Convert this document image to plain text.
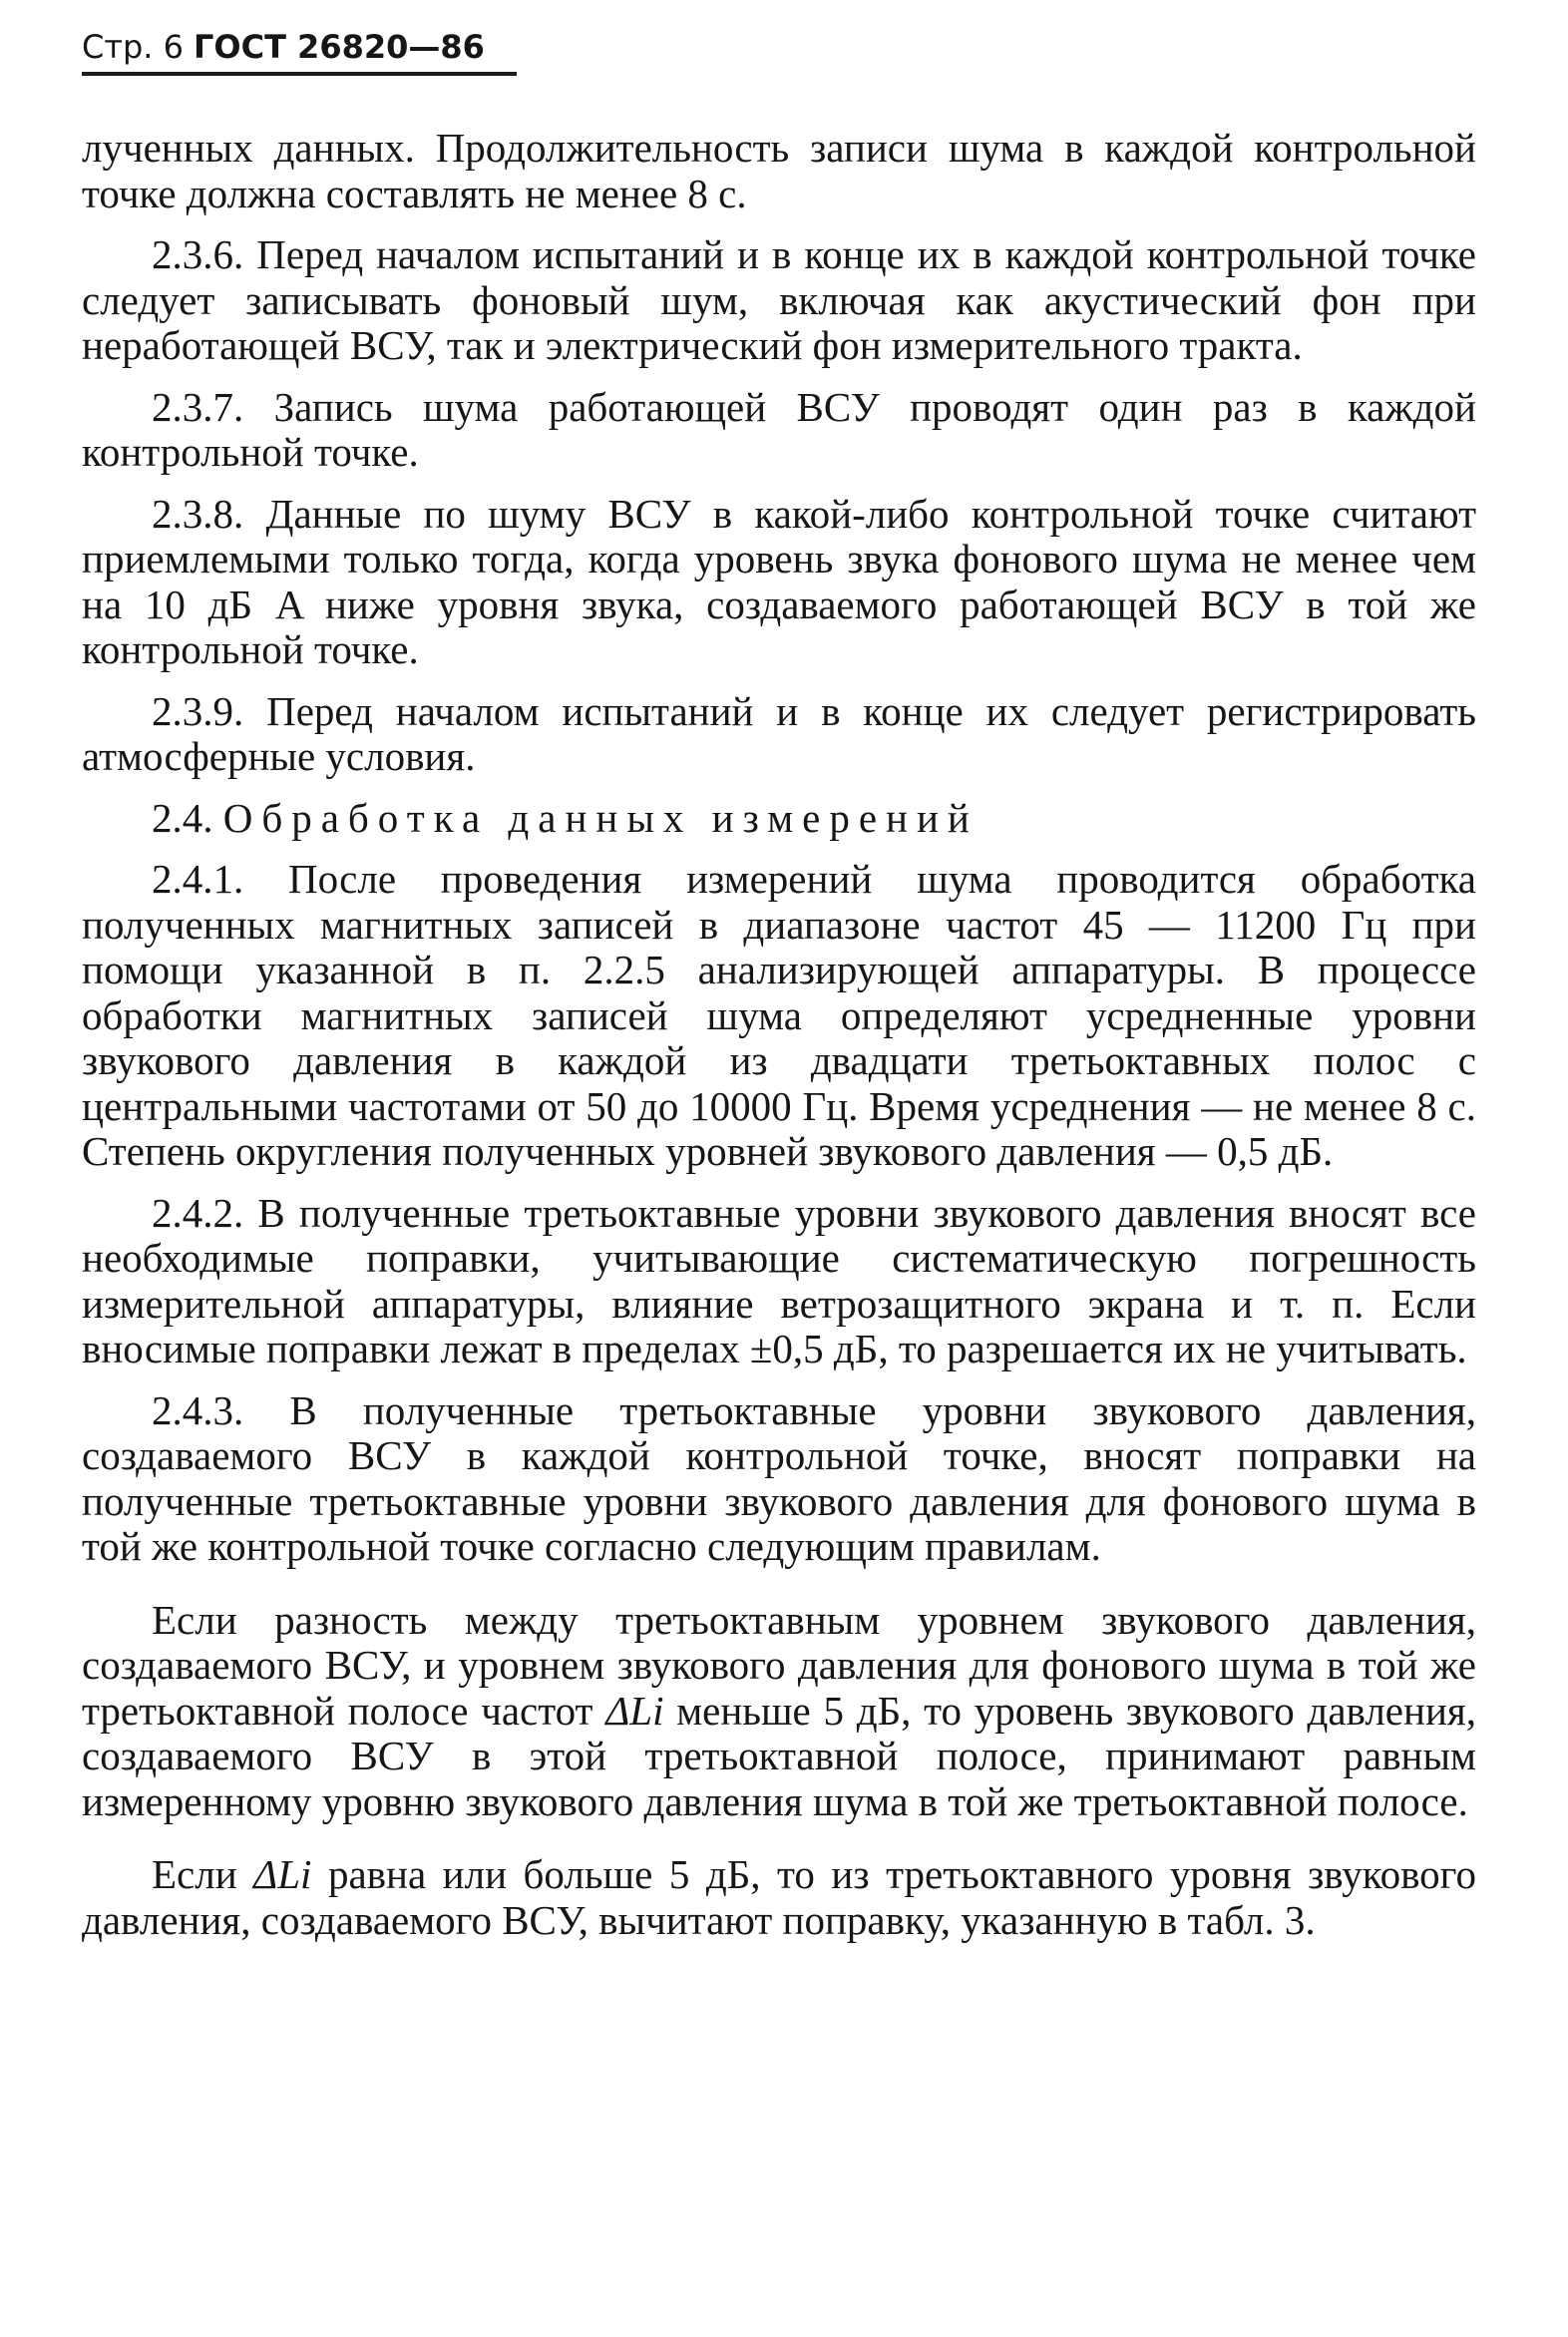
Стр. 6 ГОСТ 26820—86

лученных данных. Продолжительность записи шума в каждой контрольной точке должна составлять не менее 8 с.

2.3.6. Перед началом испытаний и в конце их в каждой контрольной точке следует записывать фоновый шум, включая как акустический фон при неработающей ВСУ, так и электрический фон измерительного тракта.

2.3.7. Запись шума работающей ВСУ проводят один раз в каждой контрольной точке.

2.3.8. Данные по шуму ВСУ в какой-либо контрольной точке считают приемлемыми только тогда, когда уровень звука фонового шума не менее чем на 10 дБ A ниже уровня звука, создаваемого работающей ВСУ в той же контрольной точке.

2.3.9. Перед началом испытаний и в конце их следует регистрировать атмосферные условия.

2.4. Обработка данных измерений

2.4.1. После проведения измерений шума проводится обработка полученных магнитных записей в диапазоне частот 45 — 11200 Гц при помощи указанной в п. 2.2.5 анализирующей аппаратуры. В процессе обработки магнитных записей шума определяют усредненные уровни звукового давления в каждой из двадцати третьоктавных полос с центральными частотами от 50 до 10000 Гц. Время усреднения — не менее 8 с. Степень округления полученных уровней звукового давления — 0,5 дБ.

2.4.2. В полученные третьоктавные уровни звукового давления вносят все необходимые поправки, учитывающие систематическую погрешность измерительной аппаратуры, влияние ветрозащитного экрана и т. п. Если вносимые поправки лежат в пределах ±0,5 дБ, то разрешается их не учитывать.

2.4.3. В полученные третьоктавные уровни звукового давления, создаваемого ВСУ в каждой контрольной точке, вносят поправки на полученные третьоктавные уровни звукового давления для фонового шума в той же контрольной точке согласно следующим правилам.

Если разность между третьоктавным уровнем звукового давления, создаваемого ВСУ, и уровнем звукового давления для фонового шума в той же третьоктавной полосе частот ΔLi меньше 5 дБ, то уровень звукового давления, создаваемого ВСУ в этой третьоктавной полосе, принимают равным измеренному уровню звукового давления шума в той же третьоктавной полосе.

Если ΔLi равна или больше 5 дБ, то из третьоктавного уровня звукового давления, создаваемого ВСУ, вычитают поправку, указанную в табл. 3.
